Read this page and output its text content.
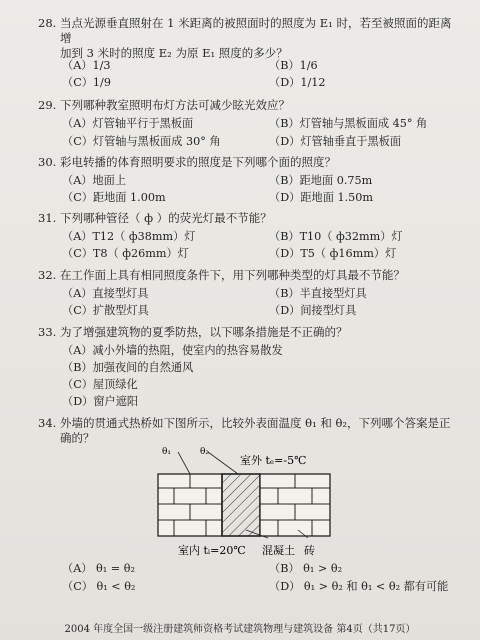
28. 当点光源垂直照射在 1 米距离的被照面时的照度为 E₁ 时，若至被照面的距离增
加到 3 米时的照度 E₂ 为原 E₁ 照度的多少？
（A）1/3	（B）1/6
（C）1/9	（D）1/12
29. 下列哪种教室照明布灯方法可减少眩光效应？
（A）灯管轴平行于黑板面	（B）灯管轴与黑板面成 45° 角
（C）灯管轴与黑板面成 30° 角	（D）灯管轴垂直于黑板面
30. 彩电转播的体育照明要求的照度是下列哪个面的照度？
（A）地面上	（B）距地面 0.75m
（C）距地面 1.00m	（D）距地面 1.50m
31. 下列哪种管径（ ф ）的荧光灯最不节能？
（A）T12（ ф38mm）灯	（B）T10（ ф32mm）灯
（C）T8（ ф26mm）灯	（D）T5（ ф16mm）灯
32. 在工作面上具有相同照度条件下，用下列哪种类型的灯具最不节能？
（A）直接型灯具	（B）半直接型灯具
（C）扩散型灯具	（D）间接型灯具
33. 为了增强建筑物的夏季防热，以下哪条措施是不正确的？
（A）减小外墙的热阻，使室内的热容易散发
（B）加强夜间的自然通风
（C）屋顶绿化
（D）窗户遮阳
34. 外墙的贯通式热桥如下图所示，比较外表面温度 θ₁ 和 θ₂，下列哪个答案是正
确的？
θ₁	θ₂
室外 tₑ=-5℃
室内 tᵢ=20℃ 混凝土 砖
（A） θ₁ = θ₂	（B） θ₁ > θ₂
（C） θ₁ < θ₂	（D） θ₁ > θ₂ 和 θ₁ < θ₂ 都有可能
2004 年度全国一级注册建筑师资格考试建筑物理与建筑设备 第4页（共17页）
